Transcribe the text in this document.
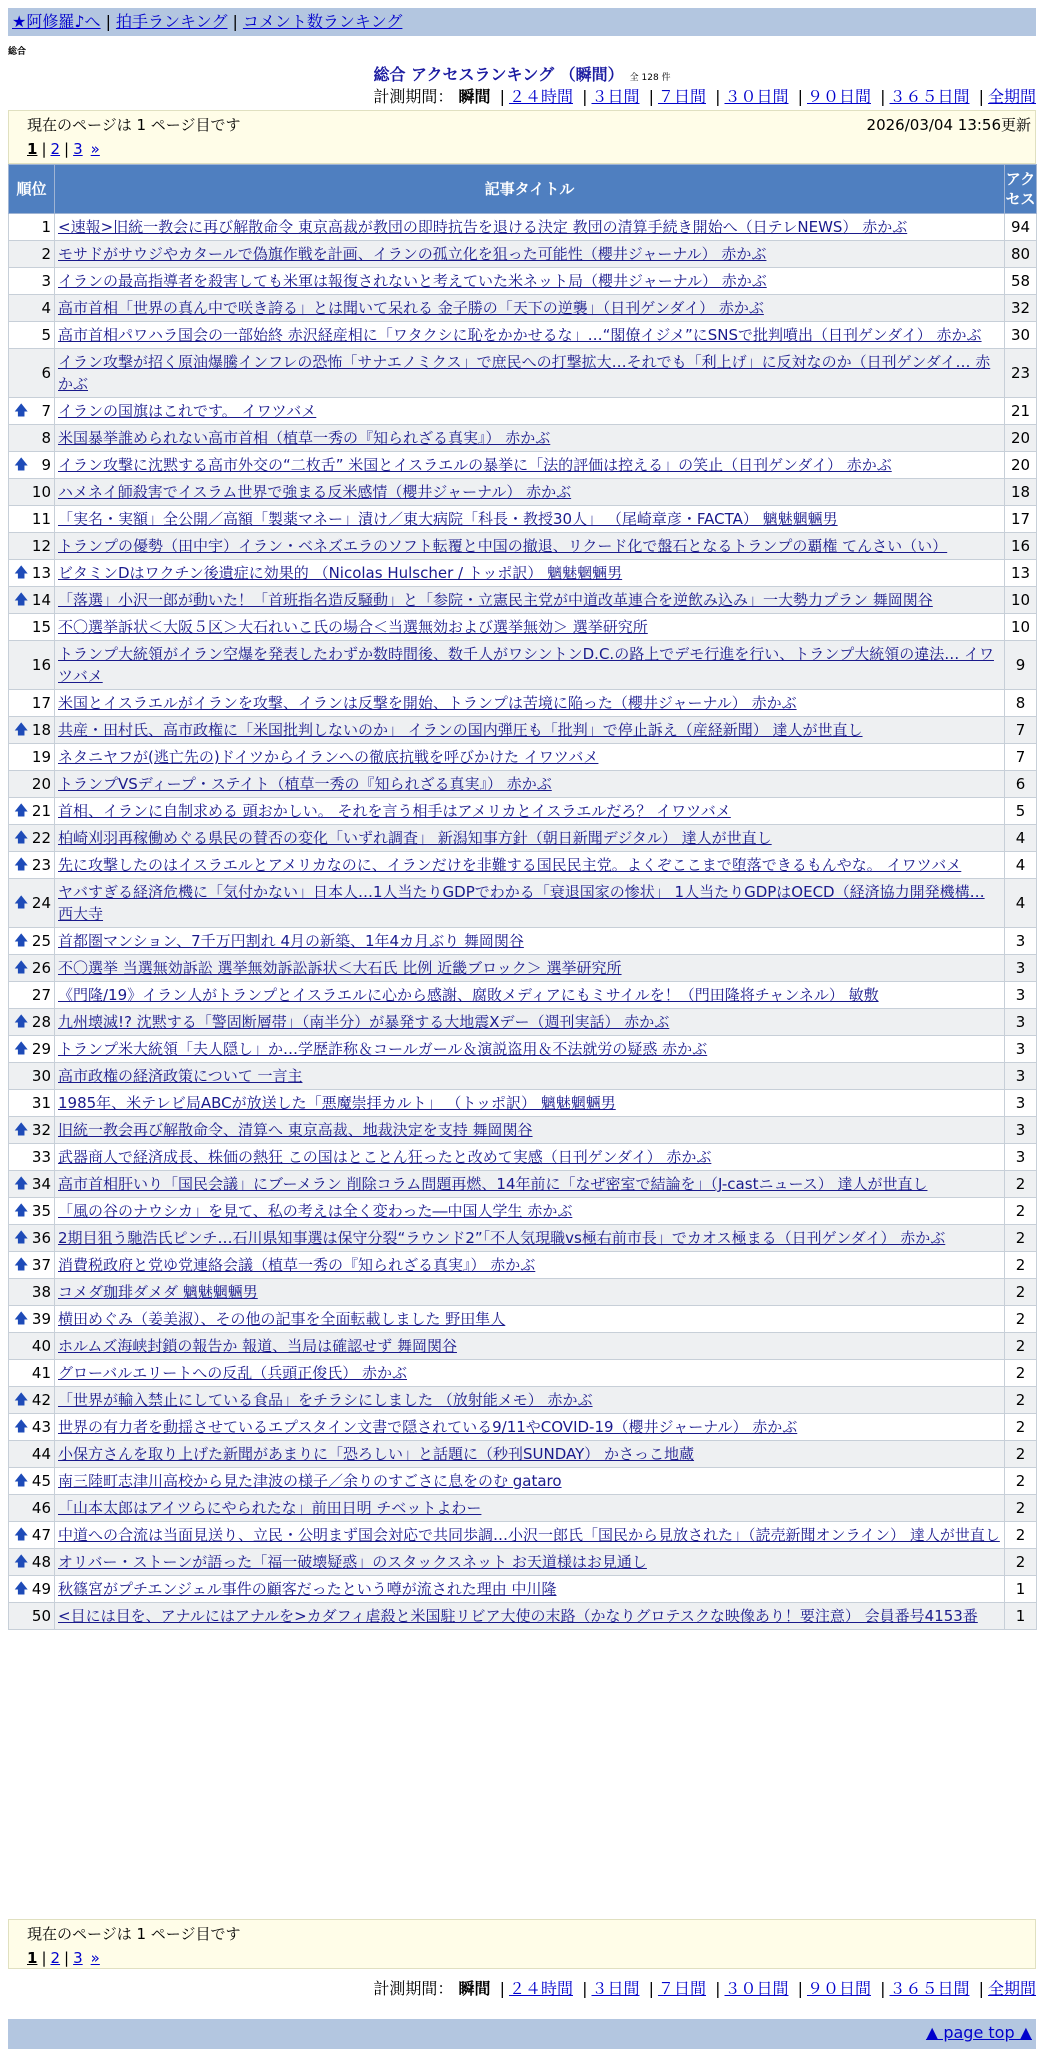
★阿修羅♪へ | 拍手ランキング | コメント数ランキング
総合
総合 アクセスランキング （瞬間） 全 128 件
計測期間： 瞬間 | ２４時間 | ３日間 | ７日間 | ３０日間 | ９０日間 | ３６５日間 | 全期間
現在のページは 1 ページ目です	2026/03/04 13:56更新
1 | 2 | 3 »
順位	記事タイトル	アクセス
1	<速報>旧統一教会に再び解散命令 東京高裁が教団の即時抗告を退ける決定 教団の清算手続き開始へ（日テレNEWS） 赤かぶ	94
2	モサドがサウジやカタールで偽旗作戦を計画、イランの孤立化を狙った可能性（櫻井ジャーナル） 赤かぶ	80
3	イランの最高指導者を殺害しても米軍は報復されないと考えていた米ネット局（櫻井ジャーナル） 赤かぶ	58
4	高市首相「世界の真ん中で咲き誇る」とは聞いて呆れる 金子勝の「天下の逆襲」（日刊ゲンダイ） 赤かぶ	32
5	高市首相パワハラ国会の一部始終 赤沢経産相に「ワタクシに恥をかかせるな」…“閣僚イジメ”にSNSで批判噴出（日刊ゲンダイ） 赤かぶ	30
6	イラン攻撃が招く原油爆騰インフレの恐怖「サナエノミクス」で庶民への打撃拡大…それでも「利上げ」に反対なのか（日刊ゲンダイ… 赤かぶ	23

🡅 7	イランの国旗はこれです。 イワツバメ	21
8	米国暴挙誰められない高市首相（植草一秀の『知られざる真実』） 赤かぶ	20

🡅 9	イラン攻撃に沈黙する高市外交の“二枚舌” 米国とイスラエルの暴挙に「法的評価は控える」の笑止（日刊ゲンダイ） 赤かぶ	20
10	ハメネイ師殺害でイスラム世界で強まる反米感情（櫻井ジャーナル） 赤かぶ	18
11	「実名・実額」全公開／高額「製薬マネー」漬け／東大病院「科長・教授30人」 （尾崎章彦・FACTA） 魑魅魍魎男	17
12	トランプの優勢（田中宇）イラン・ベネズエラのソフト転覆と中国の撤退、リクード化で盤石となるトランプの覇権 てんさい（い）	16

🡅 13	ビタミンDはワクチン後遺症に効果的 （Nicolas Hulscher / トッポ訳） 魑魅魍魎男	13

🡅 14	「落選」小沢一郎が動いた！「首班指名造反騒動」と「参院・立憲民主党が中道改革連合を逆飲み込み」一大勢力プラン 舞岡関谷	10
15	不〇選挙訴状＜大阪５区＞大石れいこ氏の場合＜当選無効および選挙無効＞ 選挙研究所	10
16	トランプ大統領がイラン空爆を発表したわずか数時間後、数千人がワシントンD.C.の路上でデモ行進を行い、トランプ大統領の違法… イワツバメ	9
17	米国とイスラエルがイランを攻撃、イランは反撃を開始、トランプは苦境に陥った（櫻井ジャーナル） 赤かぶ	8

🡅 18	共産・田村氏、高市政権に「米国批判しないのか」 イランの国内弾圧も「批判」で停止訴え（産経新聞） 達人が世直し	7
19	ネタニヤフが(逃亡先の)ドイツからイランへの徹底抗戦を呼びかけた イワツバメ	7
20	トランプVSディープ・ステイト（植草一秀の『知られざる真実』） 赤かぶ	6

🡅 21	首相、イランに自制求める 頭おかしい。 それを言う相手はアメリカとイスラエルだろ？ イワツバメ	5

🡅 22	柏崎刈羽再稼働めぐる県民の賛否の変化「いずれ調査」 新潟知事方針（朝日新聞デジタル） 達人が世直し	4

🡅 23	先に攻撃したのはイスラエルとアメリカなのに、イランだけを非難する国民民主党。よくぞここまで堕落できるもんやな。 イワツバメ	4

🡅 24	ヤバすぎる経済危機に「気付かない」日本人…1人当たりGDPでわかる「衰退国家の惨状」 1人当たりGDPはOECD（経済協力開発機構… 西大寺	4

🡅 25	首都圏マンション、7千万円割れ 4月の新築、1年4カ月ぶり 舞岡関谷	3

🡅 26	不〇選挙 当選無効訴訟 選挙無効訴訟訴状＜大石氏 比例 近畿ブロック＞ 選挙研究所	3
27	《門隆/19》イラン人がトランプとイスラエルに心から感謝、腐敗メディアにもミサイルを！（門田隆将チャンネル） 敏敷	3

🡅 28	九州壊滅!? 沈黙する「警固断層帯」（南半分）が暴発する大地震Xデー（週刊実話） 赤かぶ	3

🡅 29	トランプ米大統領「夫人隠し」か…学歴詐称＆コールガール＆演説盗用＆不法就労の疑惑 赤かぶ	3
30	高市政権の経済政策について 一言主	3
31	1985年、米テレビ局ABCが放送した「悪魔崇拝カルト」 （トッポ訳） 魑魅魍魎男	3

🡅 32	旧統一教会再び解散命令、清算へ 東京高裁、地裁決定を支持 舞岡関谷	3
33	武器商人で経済成長、株価の熱狂 この国はとことん狂ったと改めて実感（日刊ゲンダイ） 赤かぶ	3

🡅 34	高市首相肝いり「国民会議」にブーメラン 削除コラム問題再燃、14年前に「なぜ密室で結論を」（J-castニュース） 達人が世直し	2

🡅 35	「風の谷のナウシカ」を見て、私の考えは全く変わった―中国人学生 赤かぶ	2

🡅 36	2期目狙う馳浩氏ピンチ…石川県知事選は保守分裂“ラウンド2”「不人気現職vs極右前市長」でカオス極まる（日刊ゲンダイ） 赤かぶ	2

🡅 37	消費税政府と党ゆ党連絡会議（植草一秀の『知られざる真実』） 赤かぶ	2
38	コメダ珈琲ダメダ 魑魅魍魎男	2

🡅 39	横田めぐみ（姜美淑）、その他の記事を全面転載しました 野田隼人	2
40	ホルムズ海峡封鎖の報告か 報道、当局は確認せず 舞岡関谷	2
41	グローバルエリートへの反乱（兵頭正俊氏） 赤かぶ	2

🡅 42	「世界が輸入禁止にしている食品」をチラシにしました （放射能メモ） 赤かぶ	2

🡅 43	世界の有力者を動揺させているエプスタイン文書で隠されている9/11やCOVID-19（櫻井ジャーナル） 赤かぶ	2
44	小保方さんを取り上げた新聞があまりに「恐ろしい」と話題に（秒刊SUNDAY） かさっこ地蔵	2

🡅 45	南三陸町志津川高校から見た津波の様子／余りのすごさに息をのむ gataro	2
46	「山本太郎はアイツらにやられたな」前田日明 チベットよわー	2

🡅 47	中道への合流は当面見送り、立民・公明まず国会対応で共同歩調…小沢一郎氏「国民から見放された」（読売新聞オンライン） 達人が世直し	2

🡅 48	オリバー・ストーンが語った「福一破壊疑惑」のスタックスネット お天道様はお見通し	2

🡅 49	秋篠宮がプチエンジェル事件の顧客だったという噂が流された理由 中川隆	1
50	<目には目を、アナルにはアナルを>カダフィ虐殺と米国駐リビア大使の末路（かなりグロテスクな映像あり！要注意） 会員番号4153番	1
現在のページは 1 ページ目です
1 | 2 | 3 »
計測期間： 瞬間 | ２４時間 | ３日間 | ７日間 | ３０日間 | ９０日間 | ３６５日間 | 全期間
▲ page top ▲
